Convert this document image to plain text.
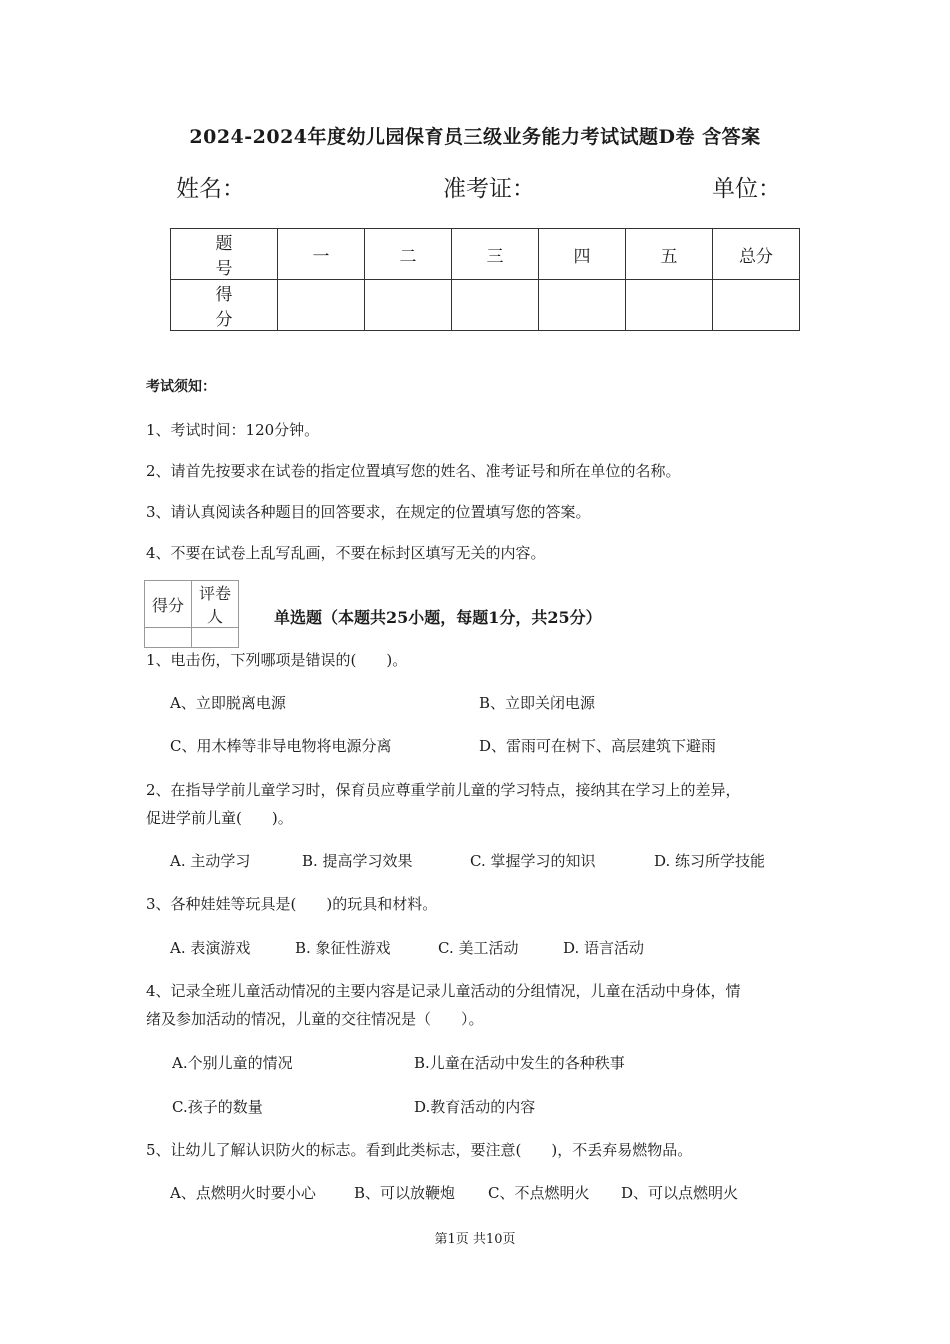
2024-2024年度幼儿园保育员三级业务能力考试试题D卷 含答案
姓名：	准考证：	单位：
题 号	一	二	三	四	五	总分
得 分						
考试须知：
1、考试时间：120分钟。
2、请首先按要求在试卷的指定位置填写您的姓名、准考证号和所在单位的名称。
3、请认真阅读各种题目的回答要求，在规定的位置填写您的答案。
4、不要在试卷上乱写乱画，不要在标封区填写无关的内容。
得分	评卷人
		单选题（本题共25小题，每题1分，共25分）
1、电击伤，下列哪项是错误的(　　)。
A、立即脱离电源	B、立即关闭电源
C、用木棒等非导电物将电源分离	D、雷雨可在树下、高层建筑下避雨
2、在指导学前儿童学习时，保育员应尊重学前儿童的学习特点，接纳其在学习上的差异，
促进学前儿童(　　)。
A. 主动学习	B. 提高学习效果	C. 掌握学习的知识	D. 练习所学技能
3、各种娃娃等玩具是(　　)的玩具和材料。
A. 表演游戏	B. 象征性游戏	C. 美工活动	D. 语言活动
4、记录全班儿童活动情况的主要内容是记录儿童活动的分组情况，儿童在活动中身体，情
绪及参加活动的情况，儿童的交往情况是（　　）。
A.个别儿童的情况	B.儿童在活动中发生的各种秩事
C.孩子的数量	D.教育活动的内容
5、让幼儿了解认识防火的标志。看到此类标志，要注意(　　)，不丢弃易燃物品。
A、点燃明火时要小心	B、可以放鞭炮 C、不点燃明火 D、可以点燃明火
第1页 共10页
